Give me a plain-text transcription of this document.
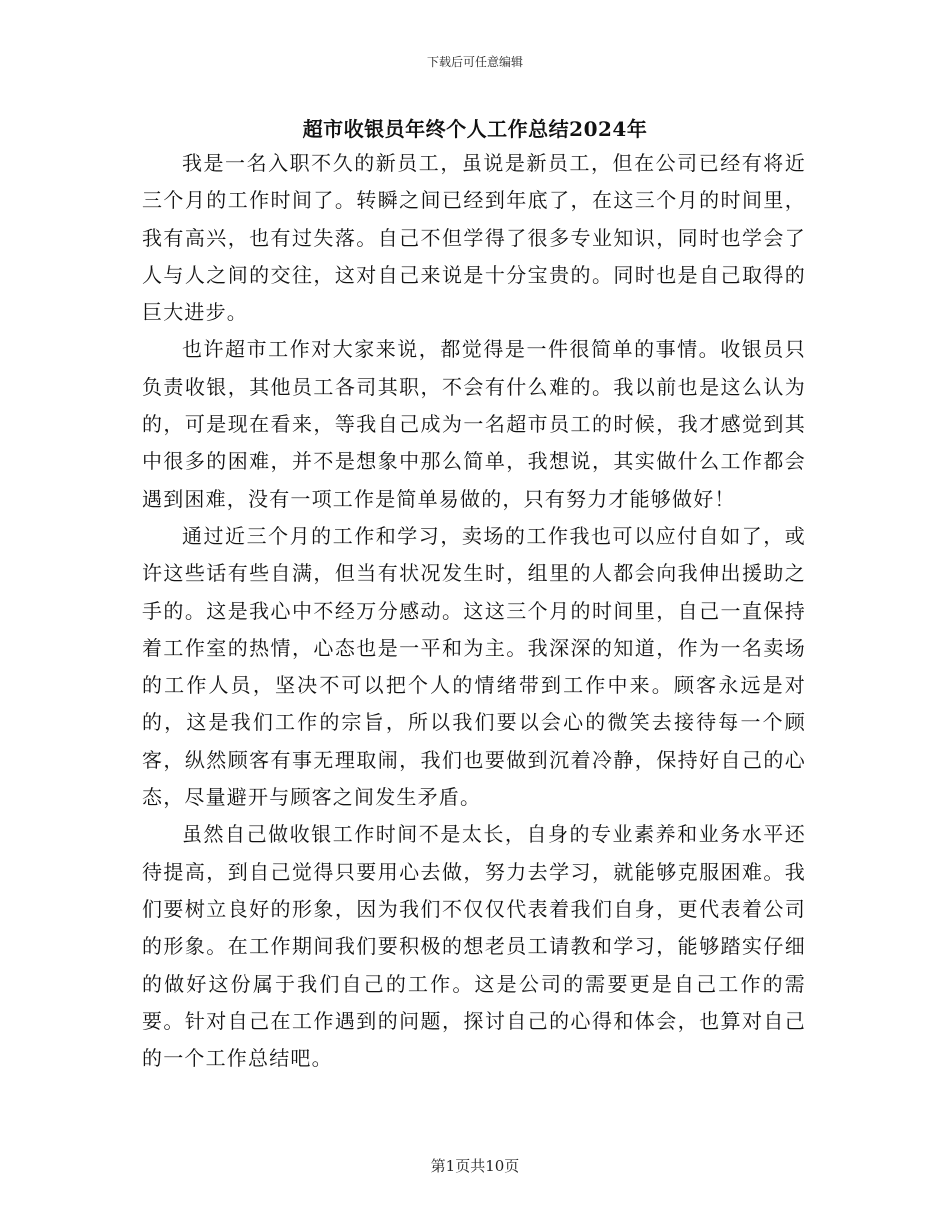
下载后可任意编辑
超市收银员年终个人工作总结2024年

我是一名入职不久的新员工，虽说是新员工，但在公司已经有将近三个月的工作时间了。转瞬之间已经到年底了，在这三个月的时间里，我有高兴，也有过失落。自己不但学得了很多专业知识，同时也学会了人与人之间的交往，这对自己来说是十分宝贵的。同时也是自己取得的巨大进步。

也许超市工作对大家来说，都觉得是一件很简单的事情。收银员只负责收银，其他员工各司其职，不会有什么难的。我以前也是这么认为的，可是现在看来，等我自己成为一名超市员工的时候，我才感觉到其中很多的困难，并不是想象中那么简单，我想说，其实做什么工作都会遇到困难，没有一项工作是简单易做的，只有努力才能够做好！

通过近三个月的工作和学习，卖场的工作我也可以应付自如了，或许这些话有些自满，但当有状况发生时，组里的人都会向我伸出援助之手的。这是我心中不经万分感动。这这三个月的时间里，自己一直保持着工作室的热情，心态也是一平和为主。我深深的知道，作为一名卖场的工作人员，坚决不可以把个人的情绪带到工作中来。顾客永远是对的，这是我们工作的宗旨，所以我们要以会心的微笑去接待每一个顾客，纵然顾客有事无理取闹，我们也要做到沉着冷静，保持好自己的心态，尽量避开与顾客之间发生矛盾。

虽然自己做收银工作时间不是太长，自身的专业素养和业务水平还待提高，到自己觉得只要用心去做，努力去学习，就能够克服困难。我们要树立良好的形象，因为我们不仅仅代表着我们自身，更代表着公司的形象。在工作期间我们要积极的想老员工请教和学习，能够踏实仔细的做好这份属于我们自己的工作。这是公司的需要更是自己工作的需要。针对自己在工作遇到的问题，探讨自己的心得和体会，也算对自己的一个工作总结吧。

第1页共10页
